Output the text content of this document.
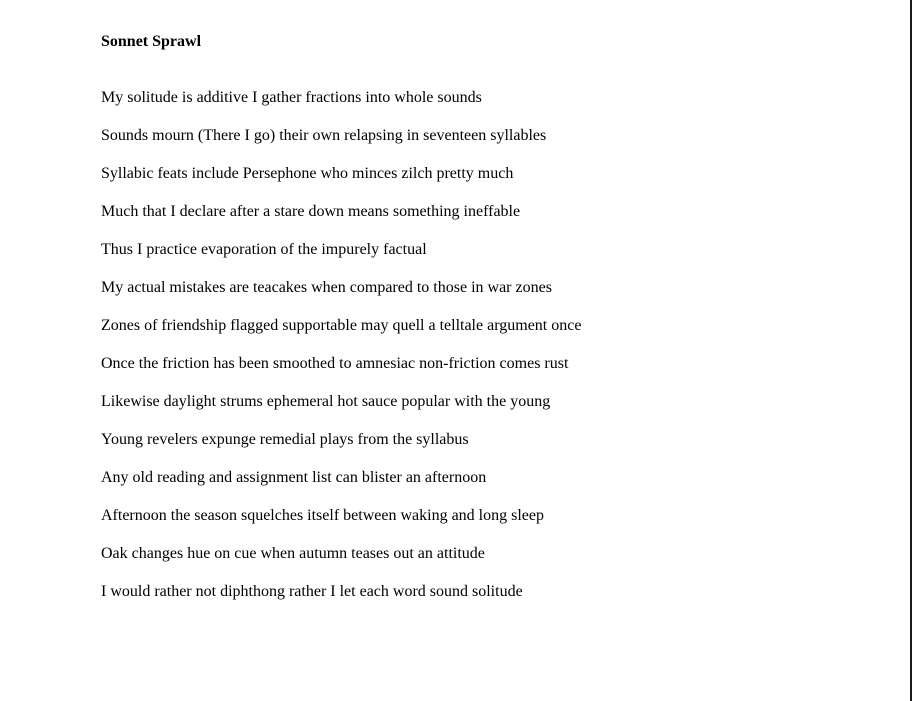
Sonnet Sprawl
My solitude is additive I gather fractions into whole sounds
Sounds mourn (There I go) their own relapsing in seventeen syllables
Syllabic feats include Persephone who minces zilch pretty much
Much that I declare after a stare down means something ineffable
Thus I practice evaporation of the impurely factual
My actual mistakes are teacakes when compared to those in war zones
Zones of friendship flagged supportable may quell a telltale argument once
Once the friction has been smoothed to amnesiac non-friction comes rust
Likewise daylight strums ephemeral hot sauce popular with the young
Young revelers expunge remedial plays from the syllabus
Any old reading and assignment list can blister an afternoon
Afternoon the season squelches itself between waking and long sleep
Oak changes hue on cue when autumn teases out an attitude
I would rather not diphthong rather I let each word sound solitude
